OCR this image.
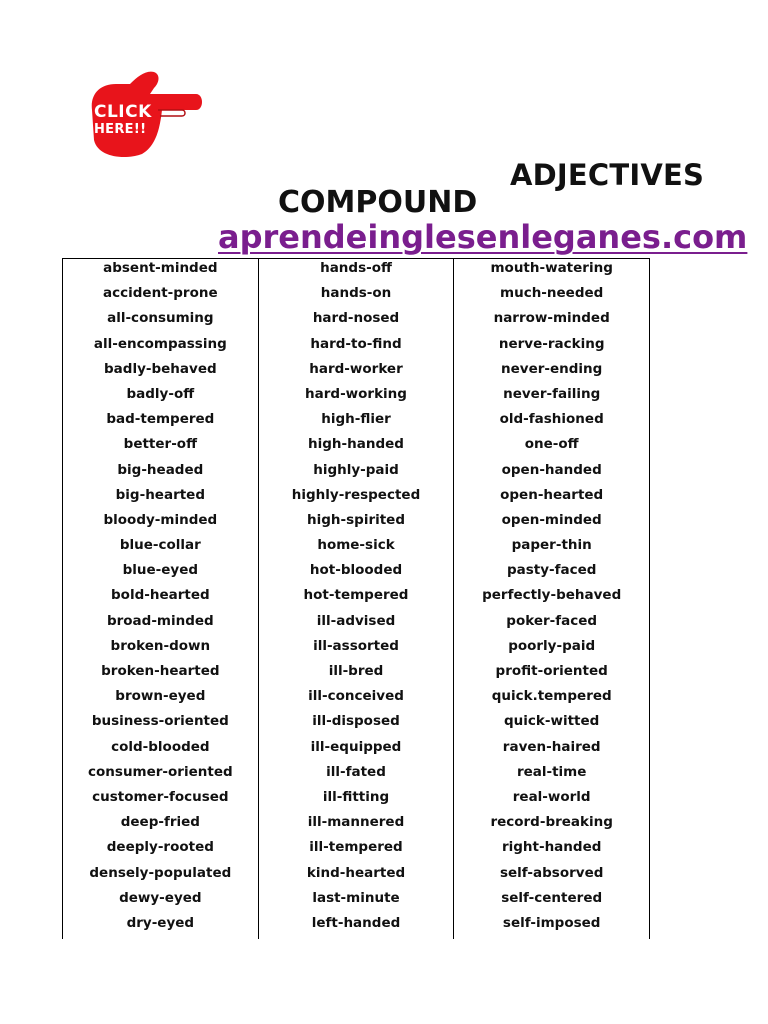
CLICK
HERE!!
ADJECTIVES
COMPOUND
aprendeinglesenleganes.com
absent-minded
accident-prone
all-consuming
all-encompassing
badly-behaved
badly-off
bad-tempered
better-off
big-headed
big-hearted
bloody-minded
blue-collar
blue-eyed
bold-hearted
broad-minded
broken-down
broken-hearted
brown-eyed
business-oriented
cold-blooded
consumer-oriented
customer-focused
deep-fried
deeply-rooted
densely-populated
dewy-eyed
dry-eyed
hands-off
hands-on
hard-nosed
hard-to-find
hard-worker
hard-working
high-flier
high-handed
highly-paid
highly-respected
high-spirited
home-sick
hot-blooded
hot-tempered
ill-advised
ill-assorted
ill-bred
ill-conceived
ill-disposed
ill-equipped
ill-fated
ill-fitting
ill-mannered
ill-tempered
kind-hearted
last-minute
left-handed
mouth-watering
much-needed
narrow-minded
nerve-racking
never-ending
never-failing
old-fashioned
one-off
open-handed
open-hearted
open-minded
paper-thin
pasty-faced
perfectly-behaved
poker-faced
poorly-paid
profit-oriented
quick.tempered
quick-witted
raven-haired
real-time
real-world
record-breaking
right-handed
self-absorved
self-centered
self-imposed
